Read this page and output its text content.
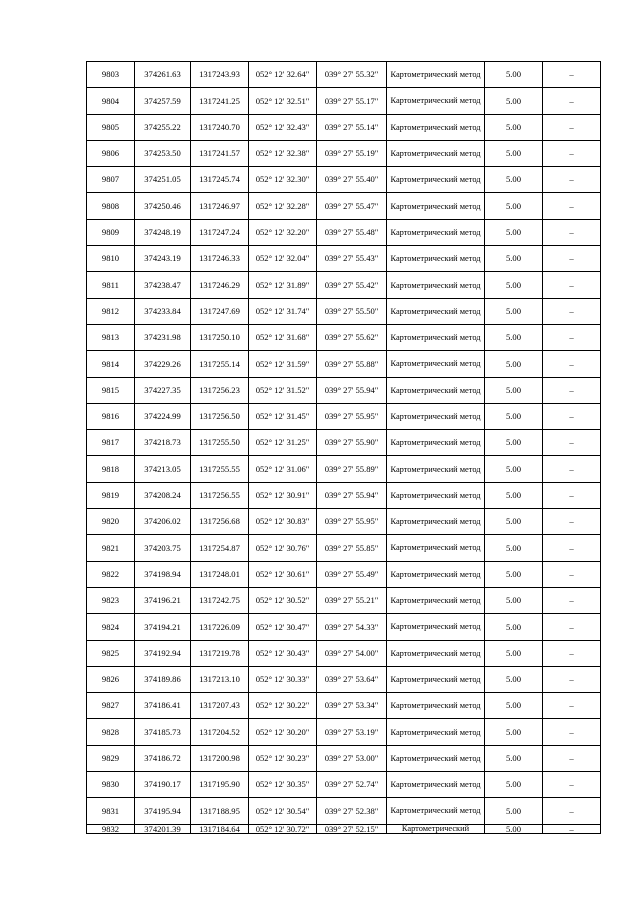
9803	374261.63	1317243.93	052° 12' 32.64"	039° 27' 55.32"	Картометрический метод	5.00	–
9804	374257.59	1317241.25	052° 12' 32.51"	039° 27' 55.17"	Картометрический метод	5.00	–
9805	374255.22	1317240.70	052° 12' 32.43"	039° 27' 55.14"	Картометрический метод	5.00	–
9806	374253.50	1317241.57	052° 12' 32.38"	039° 27' 55.19"	Картометрический метод	5.00	–
9807	374251.05	1317245.74	052° 12' 32.30"	039° 27' 55.40"	Картометрический метод	5.00	–
9808	374250.46	1317246.97	052° 12' 32.28"	039° 27' 55.47"	Картометрический метод	5.00	–
9809	374248.19	1317247.24	052° 12' 32.20"	039° 27' 55.48"	Картометрический метод	5.00	–
9810	374243.19	1317246.33	052° 12' 32.04"	039° 27' 55.43"	Картометрический метод	5.00	–
9811	374238.47	1317246.29	052° 12' 31.89"	039° 27' 55.42"	Картометрический метод	5.00	–
9812	374233.84	1317247.69	052° 12' 31.74"	039° 27' 55.50"	Картометрический метод	5.00	–
9813	374231.98	1317250.10	052° 12' 31.68"	039° 27' 55.62"	Картометрический метод	5.00	–
9814	374229.26	1317255.14	052° 12' 31.59"	039° 27' 55.88"	Картометрический метод	5.00	–
9815	374227.35	1317256.23	052° 12' 31.52"	039° 27' 55.94"	Картометрический метод	5.00	–
9816	374224.99	1317256.50	052° 12' 31.45"	039° 27' 55.95"	Картометрический метод	5.00	–
9817	374218.73	1317255.50	052° 12' 31.25"	039° 27' 55.90"	Картометрический метод	5.00	–
9818	374213.05	1317255.55	052° 12' 31.06"	039° 27' 55.89"	Картометрический метод	5.00	–
9819	374208.24	1317256.55	052° 12' 30.91"	039° 27' 55.94"	Картометрический метод	5.00	–
9820	374206.02	1317256.68	052° 12' 30.83"	039° 27' 55.95"	Картометрический метод	5.00	–
9821	374203.75	1317254.87	052° 12' 30.76"	039° 27' 55.85"	Картометрический метод	5.00	–
9822	374198.94	1317248.01	052° 12' 30.61"	039° 27' 55.49"	Картометрический метод	5.00	–
9823	374196.21	1317242.75	052° 12' 30.52"	039° 27' 55.21"	Картометрический метод	5.00	–
9824	374194.21	1317226.09	052° 12' 30.47"	039° 27' 54.33"	Картометрический метод	5.00	–
9825	374192.94	1317219.78	052° 12' 30.43"	039° 27' 54.00"	Картометрический метод	5.00	–
9826	374189.86	1317213.10	052° 12' 30.33"	039° 27' 53.64"	Картометрический метод	5.00	–
9827	374186.41	1317207.43	052° 12' 30.22"	039° 27' 53.34"	Картометрический метод	5.00	–
9828	374185.73	1317204.52	052° 12' 30.20"	039° 27' 53.19"	Картометрический метод	5.00	–
9829	374186.72	1317200.98	052° 12' 30.23"	039° 27' 53.00"	Картометрический метод	5.00	–
9830	374190.17	1317195.90	052° 12' 30.35"	039° 27' 52.74"	Картометрический метод	5.00	–
9831	374195.94	1317188.95	052° 12' 30.54"	039° 27' 52.38"	Картометрический метод	5.00	–
9832	374201.39	1317184.64	052° 12' 30.72"	039° 27' 52.15"	Картометрический	5.00	–
